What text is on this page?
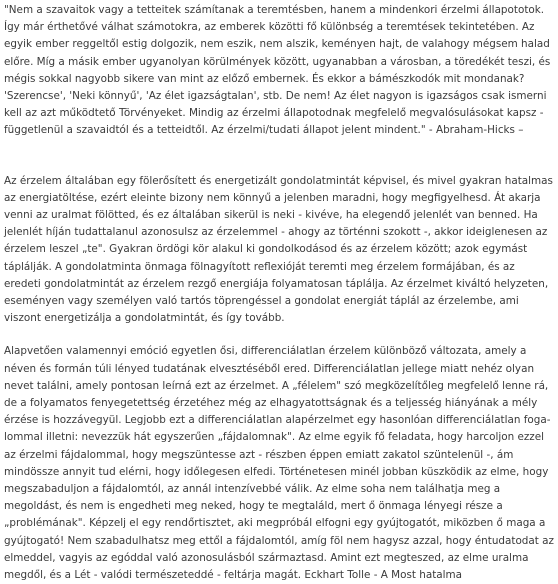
"Nem a szavaitok vagy a tetteitek számítanak a teremtésben, hanem a mindenkori érzelmi állapototok. Így már érthetővé válhat számotokra, az emberek közötti fő különbség a teremtések tekintetében. Az egyik ember reggeltől estig dolgozik, nem eszik, nem alszik, keményen hajt, de valahogy mégsem halad előre. Míg a másik ember ugyanolyan körülmények között, ugyanabban a városban, a töredékét teszi, és mégis sokkal nagyobb sikere van mint az előző embernek. És ekkor a bámészkodók mit mondanak? 'Szerencse', 'Neki könnyű', 'Az élet igazságtalan', stb. De nem! Az élet nagyon is igazságos csak ismerni kell az azt működtető Törvényeket. Mindig az érzelmi állapotodnak megfelelő megvalósulásokat kapsz - függetlenül a szavaidtól és a tetteidtől. Az érzelmi/tudati állapot jelent mindent." - Abraham-Hicks –

Az érzelem általában egy fölerősített és energetizált gondolatmintát képvisel, és mivel gyakran hatalmas az energiatöltése, ezért eleinte bizony nem könnyű a jelenben maradni, hogy megfigyelhesd. Át akarja venni az uralmat fölötted, és ez általában sikerül is neki - kivéve, ha elegendő jelenlét van benned. Ha jelenlét híján tudattalanul azonosulsz az érzelemmel - ahogy az történni szokott -, akkor ideiglenesen az érzelem leszel „te". Gyakran ördögi kör alakul ki gondolkodásod és az érzelem között; azok egymást táplálják. A gondolatminta önmaga fölnagyított reflexióját teremti meg érzelem formájában, és az eredeti gondolatmintát az érzelem rezgő energiája folyamatosan táplálja. Az érzelmet kiváltó helyzeten, eseményen vagy személyen való tartós töprengéssel a gondolat energiát táplál az érzelembe, ami viszont energetizálja a gondolatmintát, és így tovább.

Alapvetően valamennyi emóció egyetlen ősi, differenciálatlan érzelem különböző változata, amely a néven és formán túli lényed tudatának elvesztéséből ered. Differenciálatlan jellege miatt nehéz olyan nevet találni, amely pontosan leírná ezt az érzelmet. A „félelem" szó megközelítőleg megfelelő lenne rá, de a folyamatos fenyegetettség érzetéhez még az elhagyatottságnak és a teljesség hiányának a mély érzése is hozzávegyül. Legjobb ezt a differenciálatlan alapérzelmet egy hasonlóan differenciálatlan foga-lommal illetni: nevezzük hát egyszerűen „fájdalomnak". Az elme egyik fő feladata, hogy harcoljon ezzel az érzelmi fájdalommal, hogy megszüntesse azt - részben éppen emiatt zakatol szüntelenül -, ám mindössze annyit tud elérni, hogy időlegesen elfedi. Történetesen minél jobban küszködik az elme, hogy megszabaduljon a fájdalomtól, az annál intenzívebbé válik. Az elme soha nem találhatja meg a megoldást, és nem is engedheti meg neked, hogy te megtaláld, mert ő önmaga lényegi része a „problémának". Képzelj el egy rendőrtisztet, aki megpróbál elfogni egy gyújtogatót, miközben ő maga a gyújtogató! Nem szabadulhatsz meg ettől a fájdalomtól, amíg föl nem hagysz azzal, hogy éntudatodat az elmeddel, vagyis az egóddal való azonosulásból származtasd. Amint ezt megteszed, az elme uralma megdől, és a Lét - valódi természeteddé - feltárja magát. Eckhart Tolle - A Most hatalma
